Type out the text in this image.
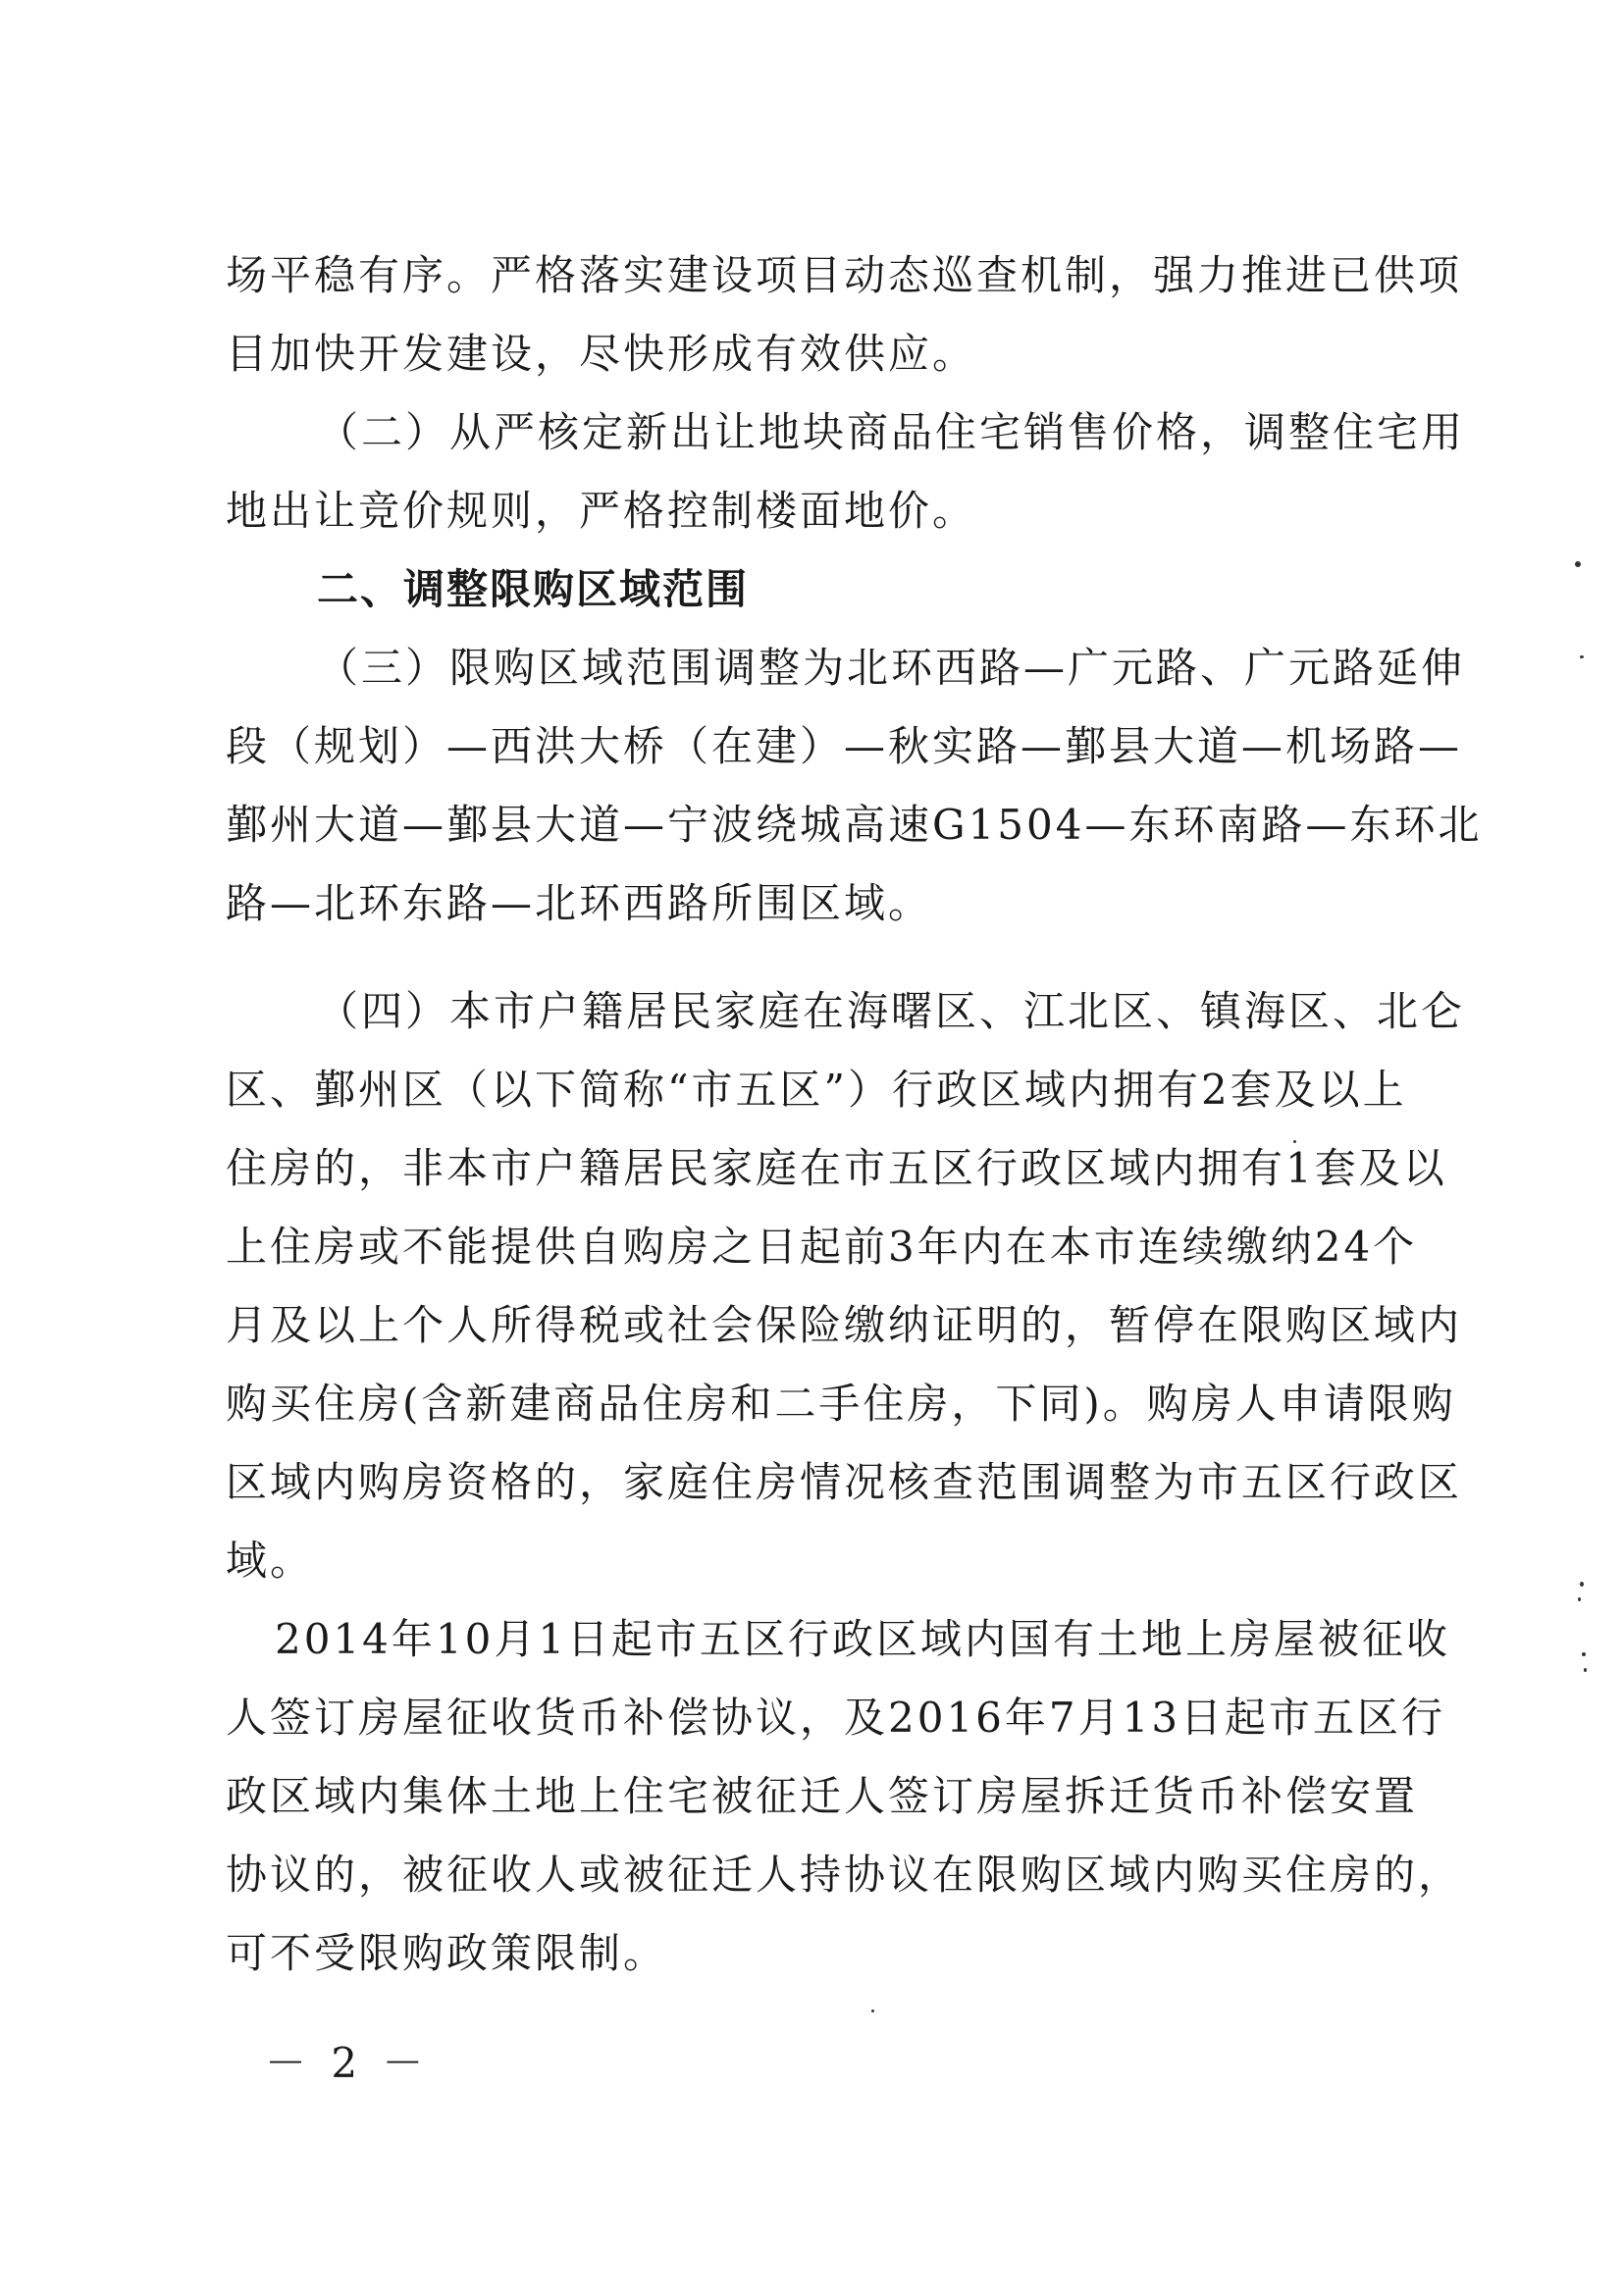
场平稳有序。严格落实建设项目动态巡查机制，强力推进已供项
目加快开发建设，尽快形成有效供应。
（二）从严核定新出让地块商品住宅销售价格，调整住宅用
地出让竞价规则，严格控制楼面地价。
二、调整限购区域范围
（三）限购区域范围调整为北环西路—广元路、广元路延伸
段（规划）—西洪大桥（在建）—秋实路—鄞县大道—机场路—
鄞州大道—鄞县大道—宁波绕城高速G1504—东环南路—东环北
路—北环东路—北环西路所围区域。
（四）本市户籍居民家庭在海曙区、江北区、镇海区、北仑
区、鄞州区（以下简称“市五区”）行政区域内拥有2套及以上
住房的，非本市户籍居民家庭在市五区行政区域内拥有1套及以
上住房或不能提供自购房之日起前3年内在本市连续缴纳24个
月及以上个人所得税或社会保险缴纳证明的，暂停在限购区域内
购买住房(含新建商品住房和二手住房，下同)。购房人申请限购
区域内购房资格的，家庭住房情况核查范围调整为市五区行政区
域。
2014年10月1日起市五区行政区域内国有土地上房屋被征收
人签订房屋征收货币补偿协议，及2016年7月13日起市五区行
政区域内集体土地上住宅被征迁人签订房屋拆迁货币补偿安置
协议的，被征收人或被征迁人持协议在限购区域内购买住房的，
可不受限购政策限制。
－ 2 －
